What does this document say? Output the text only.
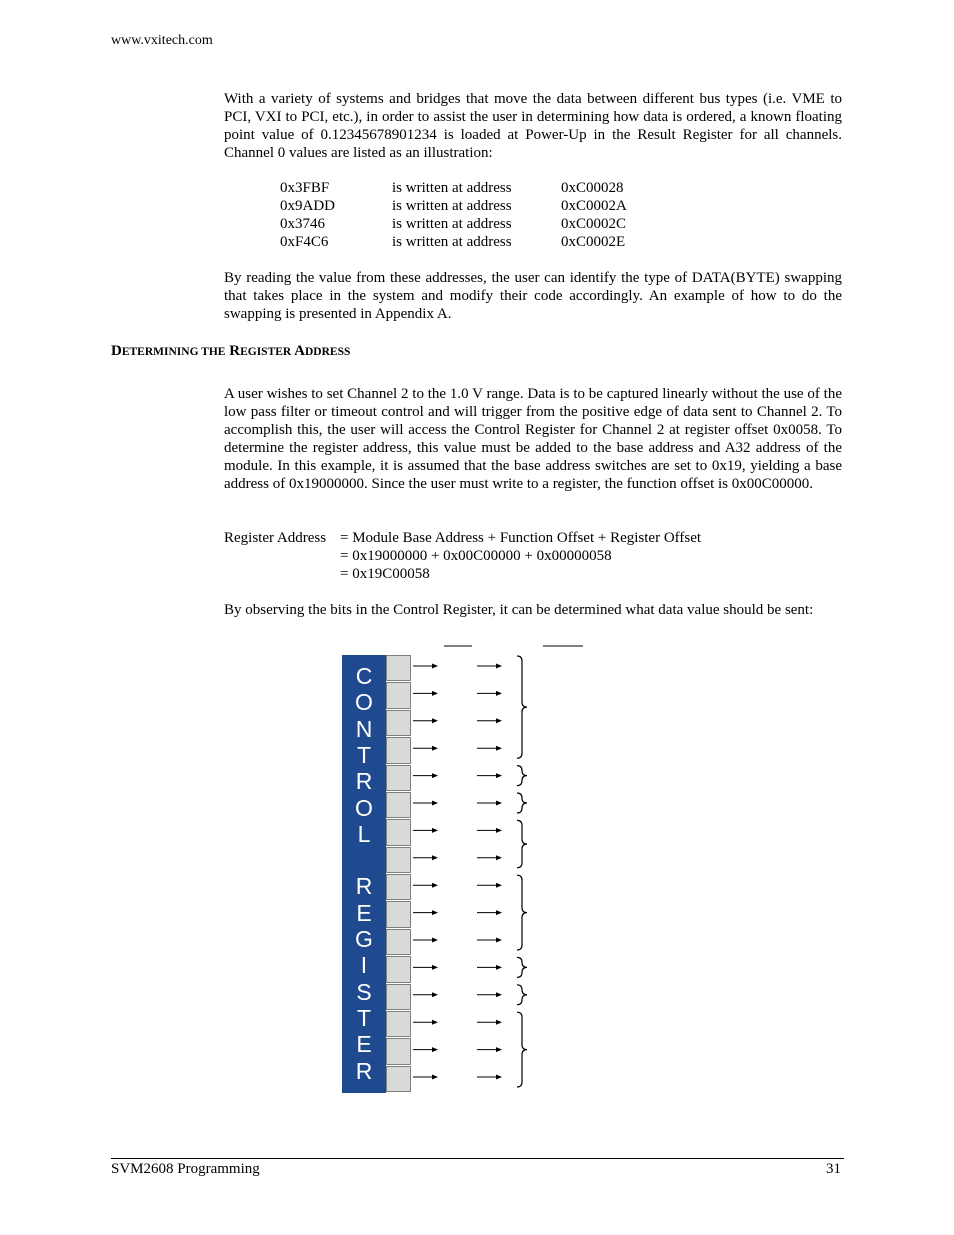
www.vxitech.com

With a variety of systems and bridges that move the data between different bus types (i.e. VME to PCI, VXI to PCI, etc.), in order to assist the user in determining how data is ordered, a known floating point value of 0.12345678901234 is loaded at Power-Up in the Result Register for all channels. Channel 0 values are listed as an illustration:

0x3FBF	is written at address	0xC00028
0x9ADD	is written at address	0xC0002A
0x3746	is written at address	0xC0002C
0xF4C6	is written at address	0xC0002E

By reading the value from these addresses, the user can identify the type of DATA(BYTE) swapping that takes place in the system and modify their code accordingly. An example of how to do the swapping is presented in Appendix A.

DETERMINING THE REGISTER ADDRESS

A user wishes to set Channel 2 to the 1.0 V range. Data is to be captured linearly without the use of the low pass filter or timeout control and will trigger from the positive edge of data sent to Channel 2. To accomplish this, the user will access the Control Register for Channel 2 at register offset 0x0058. To determine the register address, this value must be added to the base address and A32 address of the module. In this example, it is assumed that the base address switches are set to 0x19, yielding a base address of 0x19000000. Since the user must write to a register, the function offset is 0x00C00000.

Register Address = Module Base Address + Function Offset + Register Offset
= 0x19000000 + 0x00C00000 + 0x00000058
= 0x19C00058

By observing the bits in the Control Register, it can be determined what data value should be sent:

C
O
N
T
R
O
L
R
E
G
I
S
T
E
R
SVM2608 Programming	31
